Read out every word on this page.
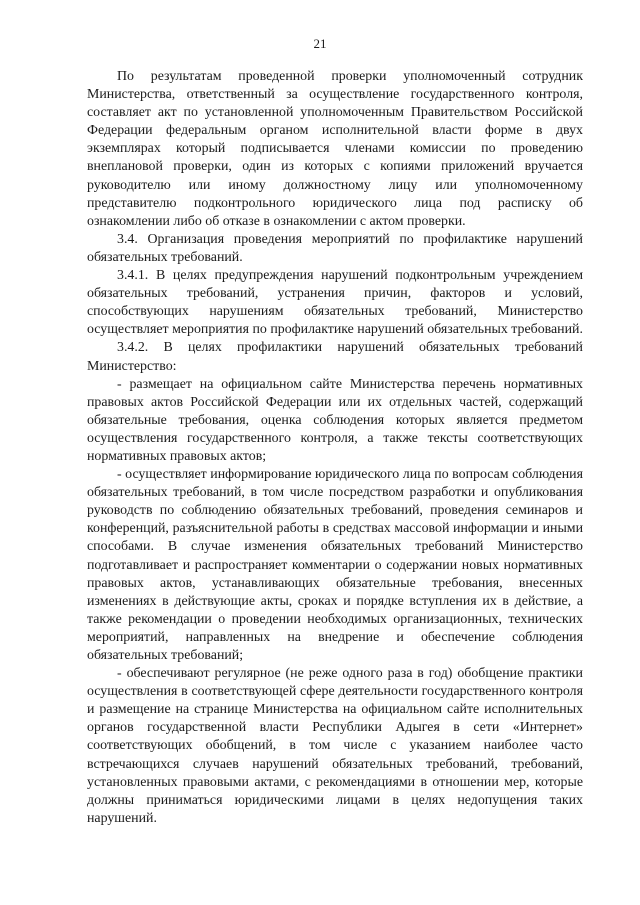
21

По результатам проведенной проверки уполномоченный сотрудник Министерства, ответственный за осуществление государственного контроля, составляет акт по установленной уполномоченным Правительством Российской Федерации федеральным органом исполнительной власти форме в двух экземплярах который подписывается членами комиссии по проведению внеплановой проверки, один из которых с копиями приложений вручается руководителю или иному должностному лицу или уполномоченному представителю подконтрольного юридического лица под расписку об ознакомлении либо об отказе в ознакомлении с актом проверки.

3.4. Организация проведения мероприятий по профилактике нарушений обязательных требований.

3.4.1. В целях предупреждения нарушений подконтрольным учреждением обязательных требований, устранения причин, факторов и условий, способствующих нарушениям обязательных требований, Министерство осуществляет мероприятия по профилактике нарушений обязательных требований.

3.4.2. В целях профилактики нарушений обязательных требований Министерство:

- размещает на официальном сайте Министерства перечень нормативных правовых актов Российской Федерации или их отдельных частей, содержащий обязательные требования, оценка соблюдения которых является предметом осуществления государственного контроля, а также тексты соответствующих нормативных правовых актов;

- осуществляет информирование юридического лица по вопросам соблюдения обязательных требований, в том числе посредством разработки и опубликования руководств по соблюдению обязательных требований, проведения семинаров и конференций, разъяснительной работы в средствах массовой информации и иными способами. В случае изменения обязательных требований Министерство подготавливает и распространяет комментарии о содержании новых нормативных правовых актов, устанавливающих обязательные требования, внесенных изменениях в действующие акты, сроках и порядке вступления их в действие, а также рекомендации о проведении необходимых организационных, технических мероприятий, направленных на внедрение и обеспечение соблюдения обязательных требований;

- обеспечивают регулярное (не реже одного раза в год) обобщение практики осуществления в соответствующей сфере деятельности государственного контроля и размещение на странице Министерства на официальном сайте исполнительных органов государственной власти Республики Адыгея в сети «Интернет» соответствующих обобщений, в том числе с указанием наиболее часто встречающихся случаев нарушений обязательных требований, требований, установленных правовыми актами, с рекомендациями в отношении мер, которые должны приниматься юридическими лицами в целях недопущения таких нарушений.
